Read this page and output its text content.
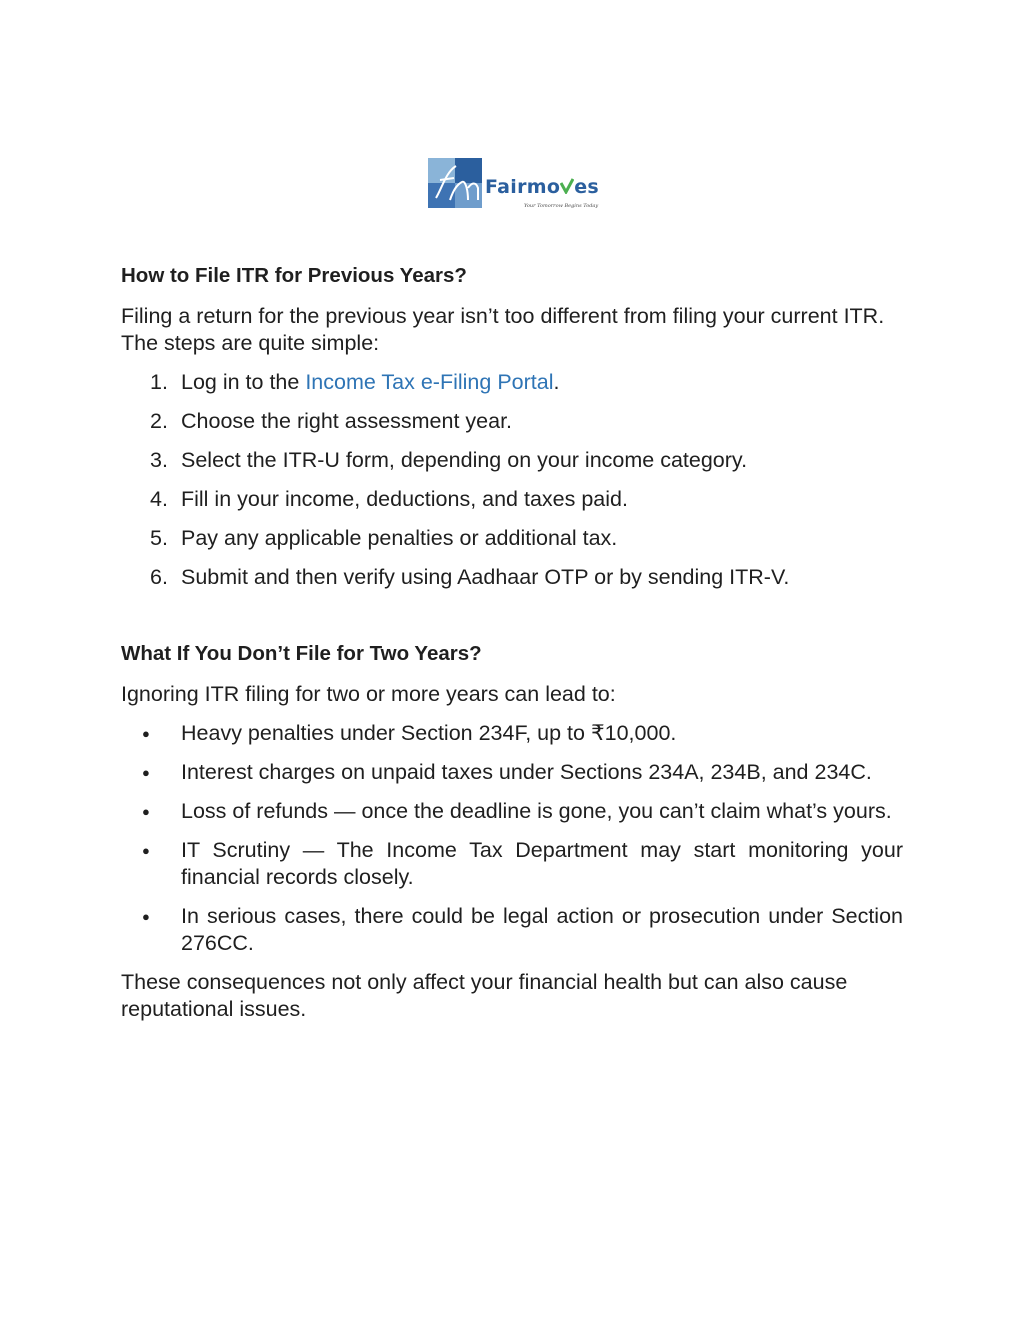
Fairmo es
Your Tomorrow Begins Today
How to File ITR for Previous Years?

Filing a return for the previous year isn’t too different from filing your current ITR. The steps are quite simple:

1. Log in to the Income Tax e-Filing Portal.
2. Choose the right assessment year.
3. Select the ITR-U form, depending on your income category.
4. Fill in your income, deductions, and taxes paid.
5. Pay any applicable penalties or additional tax.
6. Submit and then verify using Aadhaar OTP or by sending ITR-V.
What If You Don’t File for Two Years?

Ignoring ITR filing for two or more years can lead to:

● Heavy penalties under Section 234F, up to ₹10,000.
● Interest charges on unpaid taxes under Sections 234A, 234B, and 234C.
● Loss of refunds — once the deadline is gone, you can’t claim what’s yours.
● IT Scrutiny — The Income Tax Department may start monitoring your financial records closely.
● In serious cases, there could be legal action or prosecution under Section 276CC.

These consequences not only affect your financial health but can also cause reputational issues.
